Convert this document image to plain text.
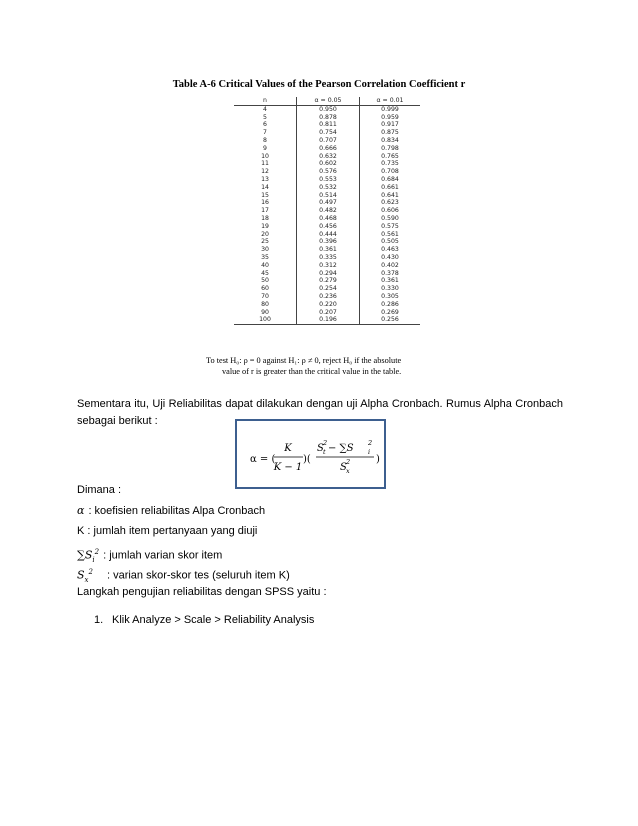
Table A-6 Critical Values of the Pearson Correlation Coefficient r
n	α = 0.05	α = 0.01
4	0.950	0.999
5	0.878	0.959
6	0.811	0.917
7	0.754	0.875
8	0.707	0.834
9	0.666	0.798
10	0.632	0.765
11	0.602	0.735
12	0.576	0.708
13	0.553	0.684
14	0.532	0.661
15	0.514	0.641
16	0.497	0.623
17	0.482	0.606
18	0.468	0.590
19	0.456	0.575
20	0.444	0.561
25	0.396	0.505
30	0.361	0.463
35	0.335	0.430
40	0.312	0.402
45	0.294	0.378
50	0.279	0.361
60	0.254	0.330
70	0.236	0.305
80	0.220	0.286
90	0.207	0.269
100	0.196	0.256
To test H₀: ρ = 0 against H₁: ρ ≠ 0, reject H₀ if the absolute
value of r is greater than the critical value in the table.
Sementara itu, Uji Reliabilitas dapat dilakukan dengan uji Alpha Cronbach. Rumus Alpha Cronbach sebagai berikut :
α = (
K
K − 1
)(
S 2
t − ∑S 2
i
S 2
x
)
Dimana :
α : koefisien reliabilitas Alpa Cronbach
K : jumlah item pertanyaan yang diuji
$\sum S_i^2$ : jumlah varian skor item
$S_x^2$ : varian skor-skor tes (seluruh item K)
Langkah pengujian reliabilitas dengan SPSS yaitu :
1. Klik Analyze > Scale > Reliability Analysis
